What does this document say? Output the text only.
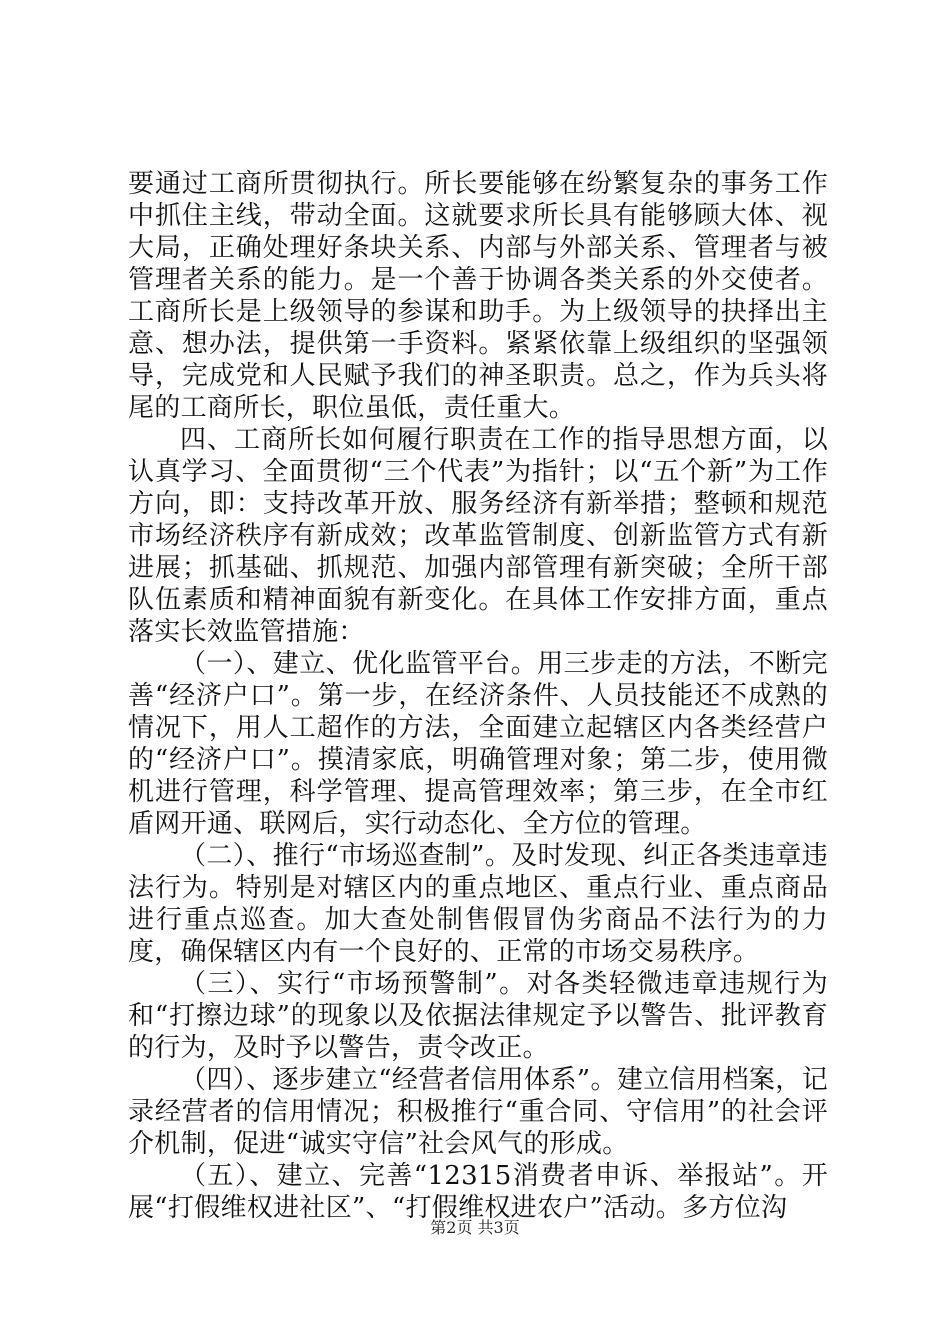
要通过工商所贯彻执行。所长要能够在纷繁复杂的事务工作中抓住主线，带动全面。这就要求所长具有能够顾大体、视大局，正确处理好条块关系、内部与外部关系、管理者与被管理者关系的能力。是一个善于协调各类关系的外交使者。工商所长是上级领导的参谋和助手。为上级领导的抉择出主意、想办法，提供第一手资料。紧紧依靠上级组织的坚强领导，完成党和人民赋予我们的神圣职责。总之，作为兵头将尾的工商所长，职位虽低，责任重大。

四、工商所长如何履行职责在工作的指导思想方面，以认真学习、全面贯彻“三个代表”为指针；以“五个新”为工作方向，即：支持改革开放、服务经济有新举措；整顿和规范市场经济秩序有新成效；改革监管制度、创新监管方式有新进展；抓基础、抓规范、加强内部管理有新突破；全所干部队伍素质和精神面貌有新变化。在具体工作安排方面，重点落实长效监管措施：

（一）、建立、优化监管平台。用三步走的方法，不断完善“经济户口”。第一步，在经济条件、人员技能还不成熟的情况下，用人工超作的方法，全面建立起辖区内各类经营户的“经济户口”。摸清家底，明确管理对象；第二步，使用微机进行管理，科学管理、提高管理效率；第三步，在全市红盾网开通、联网后，实行动态化、全方位的管理。

（二）、推行“市场巡查制”。及时发现、纠正各类违章违法行为。特别是对辖区内的重点地区、重点行业、重点商品进行重点巡查。加大查处制售假冒伪劣商品不法行为的力度，确保辖区内有一个良好的、正常的市场交易秩序。

（三）、实行“市场预警制”。对各类轻微违章违规行为和“打擦边球”的现象以及依据法律规定予以警告、批评教育的行为，及时予以警告，责令改正。

（四）、逐步建立“经营者信用体系”。建立信用档案，记录经营者的信用情况；积极推行“重合同、守信用”的社会评介机制，促进“诚实守信”社会风气的形成。

（五）、建立、完善“12315消费者申诉、举报站”。开展“打假维权进社区”、“打假维权进农户”活动。多方位沟

第2页 共3页
